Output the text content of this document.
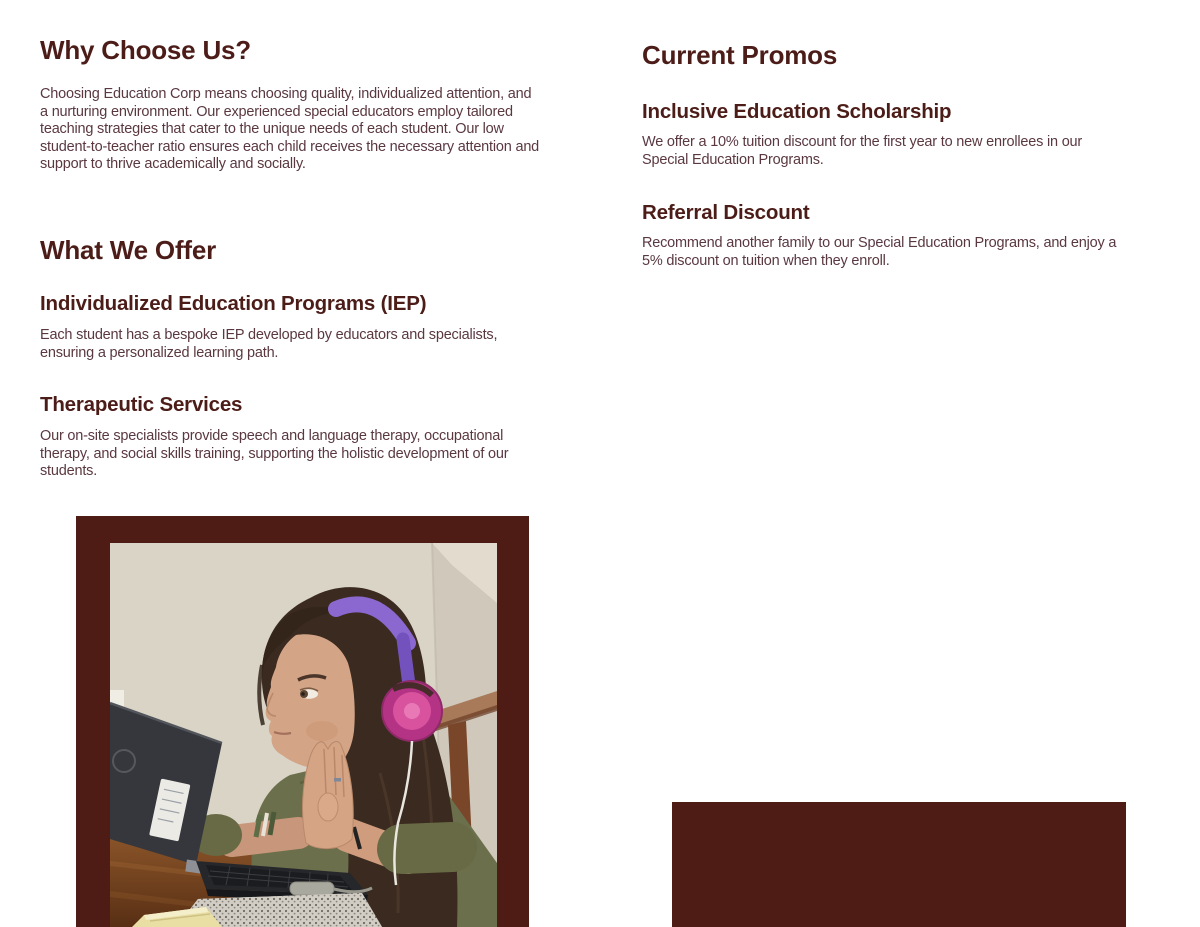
Why Choose Us?

Choosing Education Corp means choosing quality, individualized attention, and a nurturing environment. Our experienced special educators employ tailored teaching strategies that cater to the unique needs of each student. Our low student-to-teacher ratio ensures each child receives the necessary attention and support to thrive academically and socially.

What We Offer
Individualized Education Programs (IEP)

Each student has a bespoke IEP developed by educators and specialists, ensuring a personalized learning path.

Therapeutic Services

Our on-site specialists provide speech and language therapy, occupational therapy, and social skills training, supporting the holistic development of our students.

Current Promos
Inclusive Education Scholarship

We offer a 10% tuition discount for the first year to new enrollees in our Special Education Programs.

Referral Discount

Recommend another family to our Special Education Programs, and enjoy a 5% discount on tuition when they enroll.
